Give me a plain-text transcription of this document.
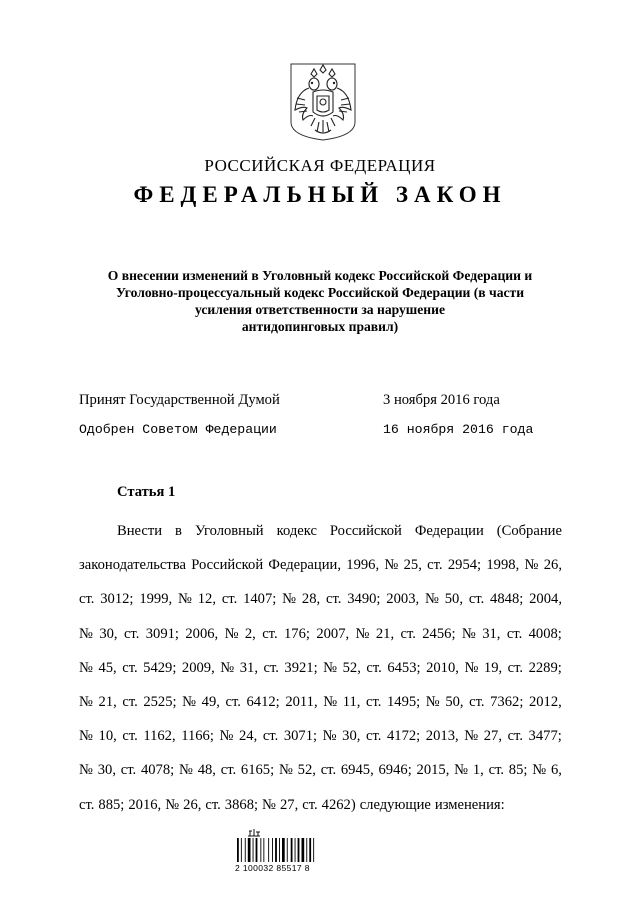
РОССИЙСКАЯ ФЕДЕРАЦИЯ
ФЕДЕРАЛЬНЫЙ ЗАКОН
О внесении изменений в Уголовный кодекс Российской Федерации и
Уголовно-процессуальный кодекс Российской Федерации (в части
усиления ответственности за нарушение
антидопинговых правил)
Принят Государственной Думой	3 ноября 2016 года
Одобрен Советом Федерации	16 ноября 2016 года
Статья 1
Внести в Уголовный кодекс Российской Федерации (Собрание
законодательства Российской Федерации, 1996, № 25, ст. 2954; 1998, № 26,
ст. 3012; 1999, № 12, ст. 1407; № 28, ст. 3490; 2003, № 50, ст. 4848; 2004,
№ 30, ст. 3091; 2006, № 2, ст. 176; 2007, № 21, ст. 2456; № 31, ст. 4008;
№ 45, ст. 5429; 2009, № 31, ст. 3921; № 52, ст. 6453; 2010, № 19, ст. 2289;
№ 21, ст. 2525; № 49, ст. 6412; 2011, № 11, ст. 1495; № 50, ст. 7362; 2012,
№ 10, ст. 1162, 1166; № 24, ст. 3071; № 30, ст. 4172; 2013, № 27, ст. 3477;
№ 30, ст. 4078; № 48, ст. 6165; № 52, ст. 6945, 6946; 2015, № 1, ст. 85; № 6,
ст. 885; 2016, № 26, ст. 3868; № 27, ст. 4262) следующие изменения:
2 100032 85517 8
